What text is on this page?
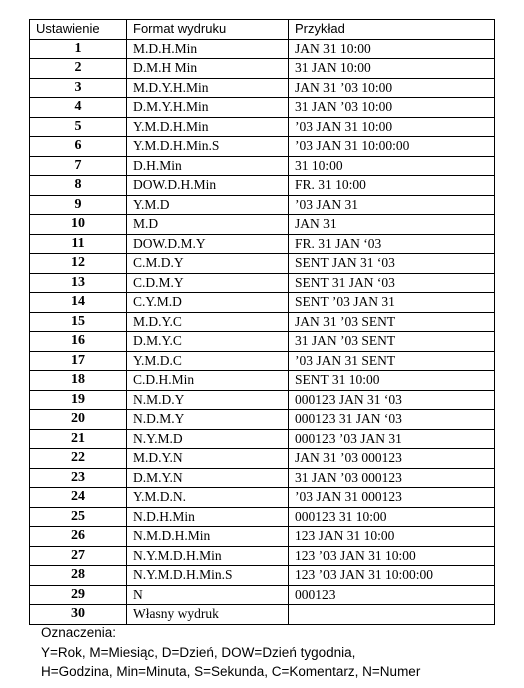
Ustawienie	Format wydruku	Przykład
1	M.D.H.Min	JAN 31 10:00
2	D.M.H Min	31 JAN 10:00
3	M.D.Y.H.Min	JAN 31 ’03 10:00
4	D.M.Y.H.Min	31 JAN ’03 10:00
5	Y.M.D.H.Min	’03 JAN 31 10:00
6	Y.M.D.H.Min.S	’03 JAN 31 10:00:00
7	D.H.Min	31 10:00
8	DOW.D.H.Min	FR. 31 10:00
9	Y.M.D	’03 JAN 31
10	M.D	JAN 31
11	DOW.D.M.Y	FR. 31 JAN ‘03
12	C.M.D.Y	SENT JAN 31 ‘03
13	C.D.M.Y	SENT 31 JAN ‘03
14	C.Y.M.D	SENT ’03 JAN 31
15	M.D.Y.C	JAN 31 ’03 SENT
16	D.M.Y.C	31 JAN ’03 SENT
17	Y.M.D.C	’03 JAN 31 SENT
18	C.D.H.Min	SENT 31 10:00
19	N.M.D.Y	000123 JAN 31 ‘03
20	N.D.M.Y	000123 31 JAN ‘03
21	N.Y.M.D	000123 ’03 JAN 31
22	M.D.Y.N	JAN 31 ’03 000123
23	D.M.Y.N	31 JAN ’03 000123
24	Y.M.D.N.	’03 JAN 31 000123
25	N.D.H.Min	000123 31 10:00
26	N.M.D.H.Min	123 JAN 31 10:00
27	N.Y.M.D.H.Min	123 ’03 JAN 31 10:00
28	N.Y.M.D.H.Min.S	123 ’03 JAN 31 10:00:00
29	N	000123
30	Własny wydruk	
Oznaczenia:
Y=Rok, M=Miesiąc, D=Dzień, DOW=Dzień tygodnia,
H=Godzina, Min=Minuta, S=Sekunda, C=Komentarz, N=Numer
